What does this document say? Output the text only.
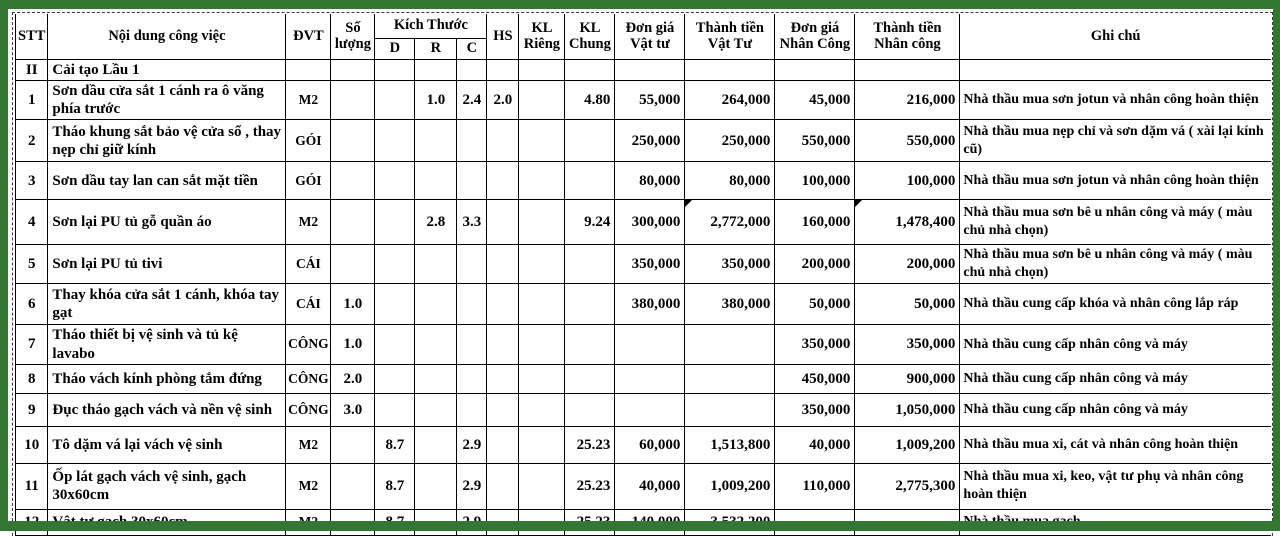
STT	Nội dung công việc	ĐVT	Số lượng	Kích Thước			HS	KL Riêng	KL Chung	Đơn giá Vật tư	Thành tiền Vật Tư	Đơn giá Nhân Công	Thành tiền Nhân công	Ghi chú
				D	R	C								
II	Cải tạo Lầu 1													
1	Sơn dầu cửa sắt 1 cánh ra ô văng phía trước	M2			1.0	2.4	2.0		4.80	55,000	264,000	45,000	216,000	Nhà thầu mua sơn jotun và nhân công hoàn thiện
2	Tháo khung sắt bảo vệ cửa sổ , thay nẹp chỉ giữ kính	GÓI								250,000	250,000	550,000	550,000	Nhà thầu mua nẹp chỉ và sơn dặm vá ( xài lại kính cũ)
3	Sơn dầu tay lan can sắt mặt tiền	GÓI								80,000	80,000	100,000	100,000	Nhà thầu mua sơn jotun và nhân công hoàn thiện
4	Sơn lại PU tủ gỗ quần áo	M2			2.8	3.3			9.24	300,000	2,772,000	160,000	1,478,400	Nhà thầu mua sơn bê u nhân công và máy ( màu chủ nhà chọn)
5	Sơn lại PU tủ tivi	CÁI								350,000	350,000	200,000	200,000	Nhà thầu mua sơn bê u nhân công và máy ( màu chủ nhà chọn)
6	Thay khóa cửa sắt 1 cánh, khóa tay gạt	CÁI	1.0							380,000	380,000	50,000	50,000	Nhà thầu cung cấp khóa và nhân công lắp ráp
7	Tháo thiết bị vệ sinh và tủ kệ lavabo	CÔNG	1.0									350,000	350,000	Nhà thầu cung cấp nhân công và máy
8	Tháo vách kính phòng tắm đứng	CÔNG	2.0									450,000	900,000	Nhà thầu cung cấp nhân công và máy
9	Đục tháo gạch vách và nền vệ sinh	CÔNG	3.0									350,000	1,050,000	Nhà thầu cung cấp nhân công và máy
10	Tô dặm vá lại vách vệ sinh	M2		8.7		2.9			25.23	60,000	1,513,800	40,000	1,009,200	Nhà thầu mua xi, cát và nhân công hoàn thiện
11	Ốp lát gạch vách vệ sinh, gạch 30x60cm	M2		8.7		2.9			25.23	40,000	1,009,200	110,000	2,775,300	Nhà thầu mua xi, keo, vật tư phụ và nhân công hoàn thiện
12	Vật tư gạch 30x60cm	M2		8.7		2.9			25.23	140,000	3,532,200			Nhà thầu mua gạch
